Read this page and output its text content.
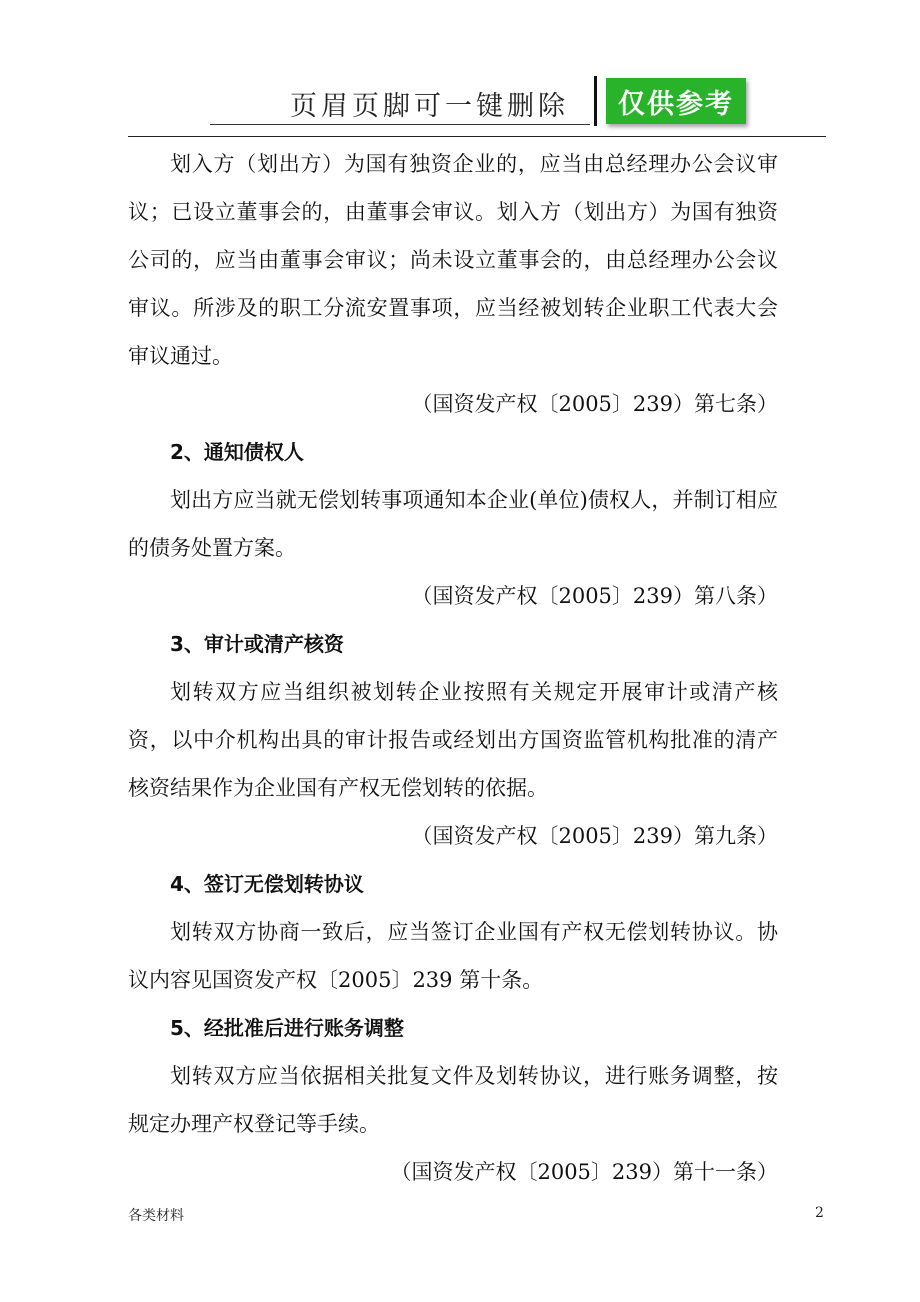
页眉页脚可一键删除	仅供参考

划入方（划出方）为国有独资企业的，应当由总经理办公会议审议；已设立董事会的，由董事会审议。划入方（划出方）为国有独资公司的，应当由董事会审议；尚未设立董事会的，由总经理办公会议审议。所涉及的职工分流安置事项，应当经被划转企业职工代表大会审议通过。

（国资发产权〔2005〕239）第七条）

2、通知债权人

划出方应当就无偿划转事项通知本企业(单位)债权人，并制订相应的债务处置方案。

（国资发产权〔2005〕239）第八条）

3、审计或清产核资

划转双方应当组织被划转企业按照有关规定开展审计或清产核资，以中介机构出具的审计报告或经划出方国资监管机构批准的清产核资结果作为企业国有产权无偿划转的依据。

（国资发产权〔2005〕239）第九条）

4、签订无偿划转协议

划转双方协商一致后，应当签订企业国有产权无偿划转协议。协议内容见国资发产权〔2005〕239 第十条。

5、经批准后进行账务调整

划转双方应当依据相关批复文件及划转协议，进行账务调整，按规定办理产权登记等手续。

（国资发产权〔2005〕239）第十一条）

各类材料	2
